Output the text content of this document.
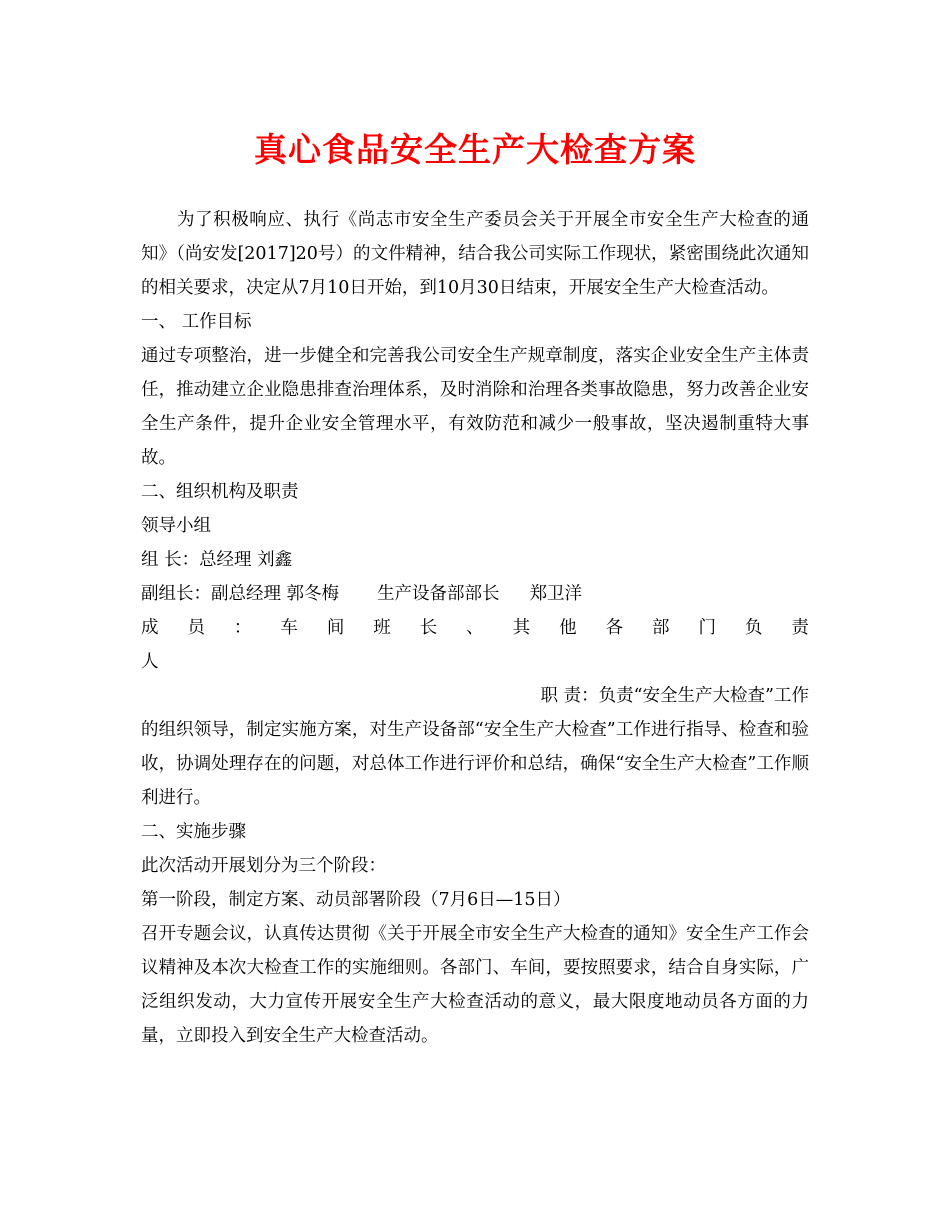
真心食品安全生产大检查方案

为了积极响应、执行《尚志市安全生产委员会关于开展全市安全生产大检查的通知》（尚安发[2017]20号）的文件精神，结合我公司实际工作现状，紧密围绕此次通知的相关要求，决定从7月10日开始，到10月30日结束，开展安全生产大检查活动。

一、 工作目标

通过专项整治，进一步健全和完善我公司安全生产规章制度，落实企业安全生产主体责任，推动建立企业隐患排查治理体系，及时消除和治理各类事故隐患，努力改善企业安全生产条件，提升企业安全管理水平，有效防范和减少一般事故，坚决遏制重特大事故。

二、组织机构及职责

领导小组

组 长：总经理 刘鑫

副组长：副总经理 郭冬梅 生产设备部部长 郑卫洋

成 员 ： 车 间 班 长 、 其 他 各 部 门 负 责

人

职 责：负责“安全生产大检查”工作

的组织领导，制定实施方案，对生产设备部“安全生产大检查”工作进行指导、检查和验收，协调处理存在的问题，对总体工作进行评价和总结，确保“安全生产大检查”工作顺利进行。

二、实施步骤

此次活动开展划分为三个阶段：

第一阶段，制定方案、动员部署阶段（7月6日—15日）

召开专题会议，认真传达贯彻《关于开展全市安全生产大检查的通知》安全生产工作会议精神及本次大检查工作的实施细则。各部门、车间，要按照要求，结合自身实际，广泛组织发动，大力宣传开展安全生产大检查活动的意义，最大限度地动员各方面的力量，立即投入到安全生产大检查活动。
